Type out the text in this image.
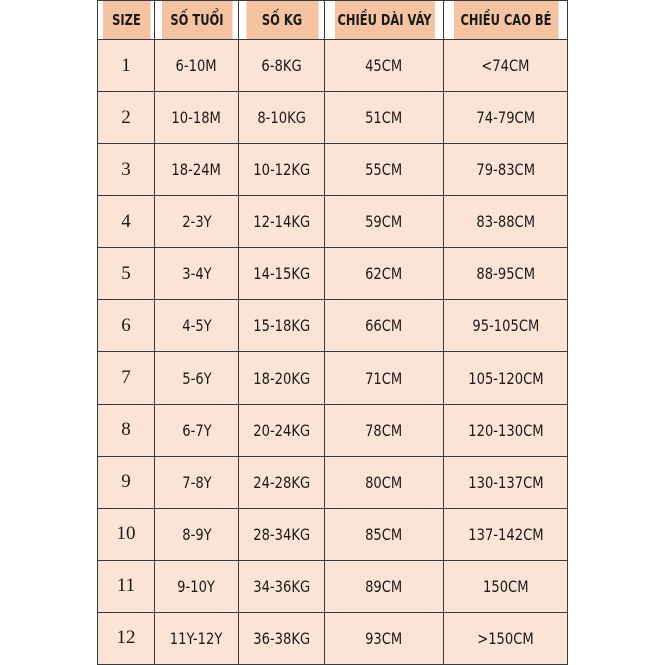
SIZE	SỐ TUỔI	SỐ KG	CHIỀU DÀI VÁY	CHIỀU CAO BÉ
1	6-10M	6-8KG	45CM	<74CM
2	10-18M	8-10KG	51CM	74-79CM
3	18-24M	10-12KG	55CM	79-83CM
4	2-3Y	12-14KG	59CM	83-88CM
5	3-4Y	14-15KG	62CM	88-95CM
6	4-5Y	15-18KG	66CM	95-105CM
7	5-6Y	18-20KG	71CM	105-120CM
8	6-7Y	20-24KG	78CM	120-130CM
9	7-8Y	24-28KG	80CM	130-137CM
10	8-9Y	28-34KG	85CM	137-142CM
11	9-10Y	34-36KG	89CM	150CM
12	11Y-12Y	36-38KG	93CM	>150CM
